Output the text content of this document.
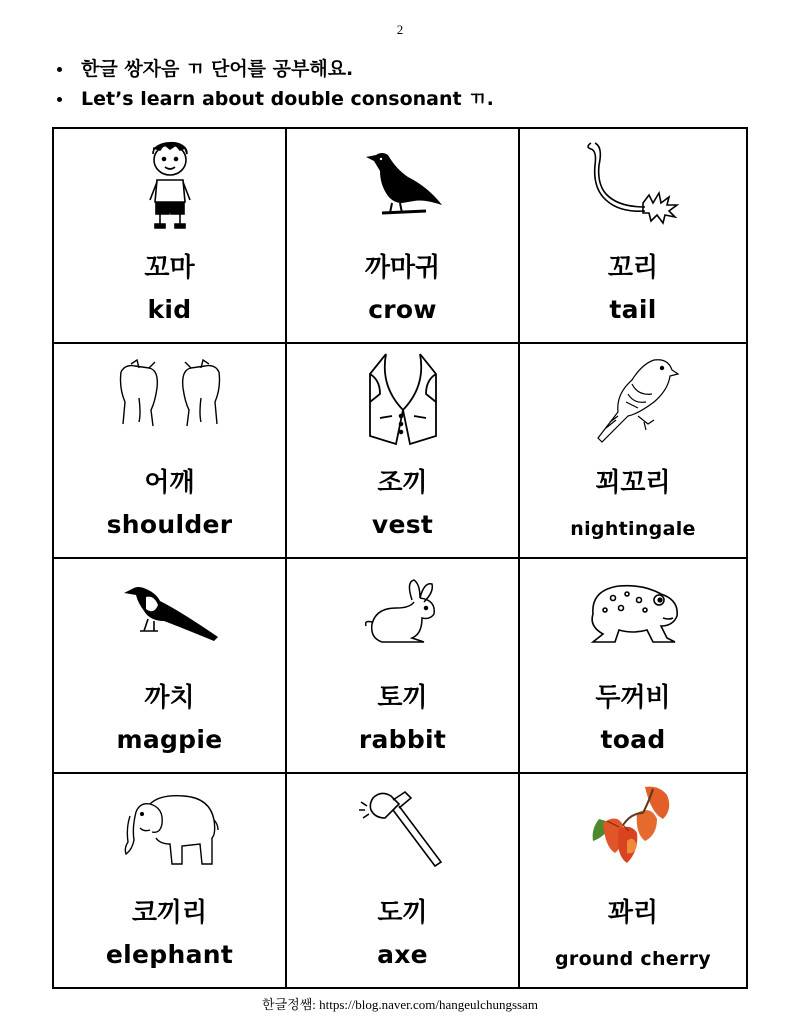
2
한글 쌍자음 ㄲ 단어를 공부해요.
Let’s learn about double consonant ㄲ.
꼬마
kid
까마귀
crow
꼬리
tail
어깨
shoulder
조끼
vest
꾀꼬리
nightingale
까치
magpie
토끼
rabbit
두꺼비
toad
코끼리
elephant
도끼
axe
꽈리
ground cherry
한글정쌤: https://blog.naver.com/hangeulchungssam
